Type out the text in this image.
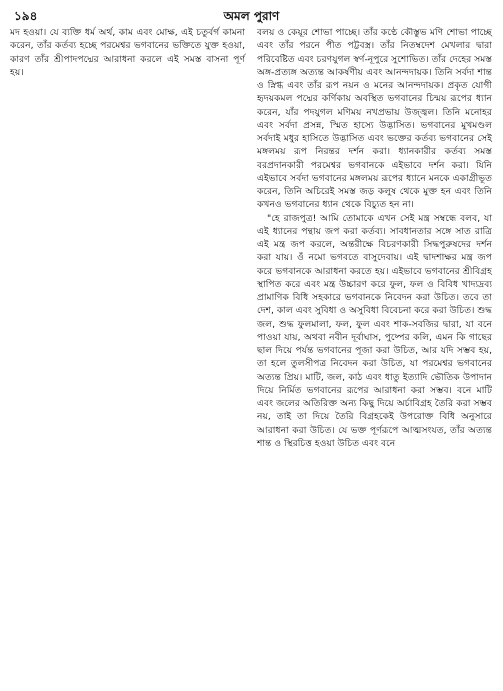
১৯৪	অমল পুরাণ

মদ হওয়া। যে ব্যক্তি ধর্ম অর্থ, কাম এবং মোক্ষ, এই চতুর্বর্গ কামনা করেন, তাঁর কর্তব্য হচ্ছে পরমেশ্বর ভগবানের ভক্তিতে যুক্ত হওয়া, কারণ তাঁর শ্রীপাদপদ্মের আরাধনা করলে এই সমস্ত বাসনা পূর্ণ হয়।

বলয় ও কেয়ূর শোভা পাচ্ছে। তাঁর কণ্ঠে কৌস্তুভ মণি শোভা পাচ্ছে এবং তাঁর পরনে পীত পট্টবস্ত্র। তাঁর নিতম্বদেশ মেখলার দ্বারা পরিবেষ্টিত এবং চরণযুগল স্বর্ণ-নূপুরে সুশোভিত। তাঁর দেহের সমস্ত অঙ্গ-প্রত্যঙ্গ অত্যন্ত আকর্ষণীয় এবং আনন্দদায়ক। তিনি সর্বদা শান্ত ও স্নিগ্ধ এবং তাঁর রূপ নয়ন ও মনের আনন্দদায়ক। প্রকৃত যোগী হৃদয়কমল পদ্মের কর্ণিকায় অবস্থিত ভগবানের চিন্ময় রূপের ধ্যান করেন, যাঁর পদযুগল মণিময় নখপ্রভায় উজ্জ্বল। তিনি মনোহর এবং সর্বদা প্রসন্ন, স্মিত হাস্যে উদ্ভাসিত। ভগবানের মুখমণ্ডল সর্বদাই মধুর হাসিতে উদ্ভাসিত এবং ভক্তের কর্তব্য ভগবানের সেই মঙ্গলময় রূপ নিরন্তর দর্শন করা। ধ্যানকারীর কর্তব্য সমস্ত বরপ্রদানকারী পরমেশ্বর ভগবানকে এইভাবে দর্শন করা। যিনি এইভাবে সর্বদা ভগবানের মঙ্গলময় রূপের ধ্যানে মনকে একাগ্রীভূত করেন, তিনি অচিরেই সমস্ত জড় কলুষ থেকে মুক্ত হন এবং তিনি কখনও ভগবানের ধ্যান থেকে বিচ্যুত হন না।

"হে রাজপুত্র! আমি তোমাকে এখন সেই মন্ত্র সম্বন্ধে বলব, যা এই ধ্যানের পন্থায় জপ করা কর্তব্য। সাবধানতার সঙ্গে সাত রাত্রি এই মন্ত্র জপ করলে, অন্তরীক্ষে বিচরণকারী সিদ্ধপুরুষদের দর্শন করা যায়। ওঁ নমো ভগবতে বাসুদেবায়। এই দ্বাদশাক্ষর মন্ত্র জপ করে ভগবানকে আরাধনা করতে হয়। এইভাবে ভগবানের শ্রীবিগ্রহ স্থাপিত করে এবং মন্ত্র উচ্চারণ করে ফুল, ফল ও বিবিধ খাদ্যদ্রব্য প্রামাণিক বিধি সহকারে ভগবানকে নিবেদন করা উচিত। তবে তা দেশ, কাল এবং সুবিধা ও অসুবিধা বিবেচনা করে করা উচিত। শুদ্ধ জল, শুদ্ধ ফুলমালা, ফল, ফুল এবং শাক-সবজির দ্বারা, যা বনে পাওয়া যায়, অথবা নবীন দূর্বাঘাস, পুষ্পের কলি, এমন কি গাছের ছাল দিয়ে পর্যন্ত ভগবানের পূজা করা উচিত, আর যদি সম্ভব হয়, তা হলে তুলসীপত্র নিবেদন করা উচিত, যা পরমেশ্বর ভগবানের অত্যন্ত প্রিয়। মাটি, জল, কাঠ এবং ধাতু ইত্যাদি ভৌতিক উপাদান দিয়ে নির্মিত ভগবানের রূপের আরাধনা করা সম্ভব। বনে মাটি এবং জলের অতিরিক্ত অন্য কিছু দিয়ে অর্চাবিগ্রহ তৈরি করা সম্ভব নয়, তাই তা দিয়ে তৈরি বিগ্রহকেই উপরোক্ত বিধি অনুসারে আরাধনা করা উচিত। যে ভক্ত পূর্ণরূপে আত্মসংযত, তাঁর অত্যন্ত শান্ত ও স্থিরচিত্ত হওয়া উচিত এবং বনে
